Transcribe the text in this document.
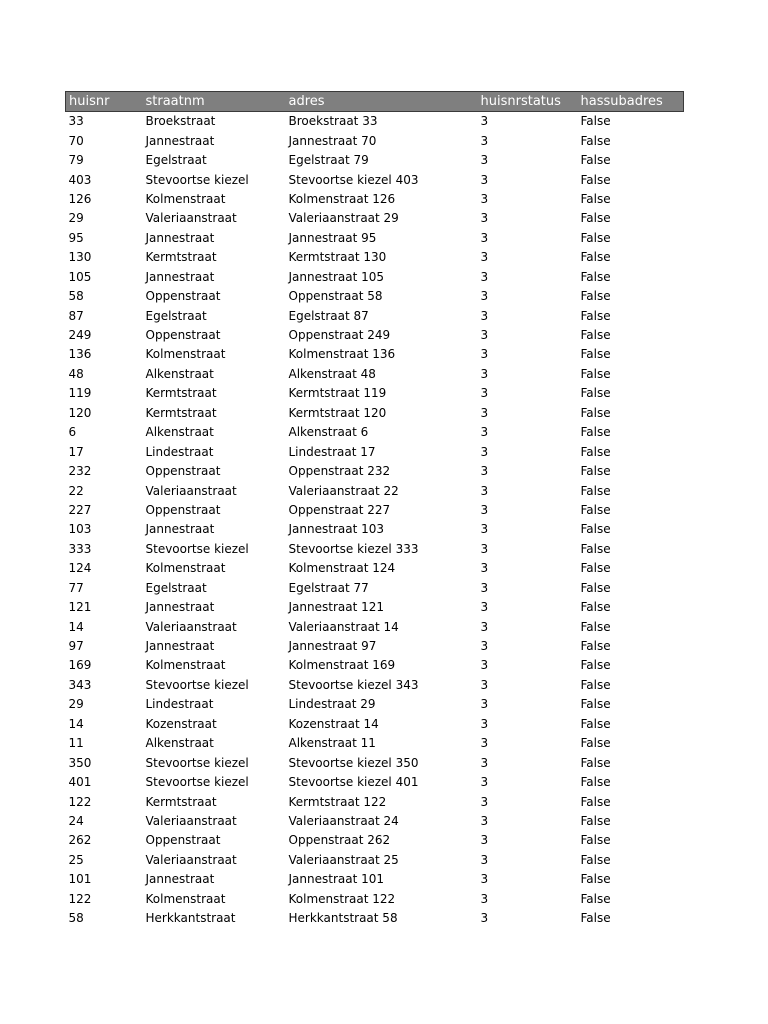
huisnr	straatnm	adres	huisnrstatus	hassubadres
33	Broekstraat	Broekstraat 33	3	False
70	Jannestraat	Jannestraat 70	3	False
79	Egelstraat	Egelstraat 79	3	False
403	Stevoortse kiezel	Stevoortse kiezel 403	3	False
126	Kolmenstraat	Kolmenstraat 126	3	False
29	Valeriaanstraat	Valeriaanstraat 29	3	False
95	Jannestraat	Jannestraat 95	3	False
130	Kermtstraat	Kermtstraat 130	3	False
105	Jannestraat	Jannestraat 105	3	False
58	Oppenstraat	Oppenstraat 58	3	False
87	Egelstraat	Egelstraat 87	3	False
249	Oppenstraat	Oppenstraat 249	3	False
136	Kolmenstraat	Kolmenstraat 136	3	False
48	Alkenstraat	Alkenstraat 48	3	False
119	Kermtstraat	Kermtstraat 119	3	False
120	Kermtstraat	Kermtstraat 120	3	False
6	Alkenstraat	Alkenstraat 6	3	False
17	Lindestraat	Lindestraat 17	3	False
232	Oppenstraat	Oppenstraat 232	3	False
22	Valeriaanstraat	Valeriaanstraat 22	3	False
227	Oppenstraat	Oppenstraat 227	3	False
103	Jannestraat	Jannestraat 103	3	False
333	Stevoortse kiezel	Stevoortse kiezel 333	3	False
124	Kolmenstraat	Kolmenstraat 124	3	False
77	Egelstraat	Egelstraat 77	3	False
121	Jannestraat	Jannestraat 121	3	False
14	Valeriaanstraat	Valeriaanstraat 14	3	False
97	Jannestraat	Jannestraat 97	3	False
169	Kolmenstraat	Kolmenstraat 169	3	False
343	Stevoortse kiezel	Stevoortse kiezel 343	3	False
29	Lindestraat	Lindestraat 29	3	False
14	Kozenstraat	Kozenstraat 14	3	False
11	Alkenstraat	Alkenstraat 11	3	False
350	Stevoortse kiezel	Stevoortse kiezel 350	3	False
401	Stevoortse kiezel	Stevoortse kiezel 401	3	False
122	Kermtstraat	Kermtstraat 122	3	False
24	Valeriaanstraat	Valeriaanstraat 24	3	False
262	Oppenstraat	Oppenstraat 262	3	False
25	Valeriaanstraat	Valeriaanstraat 25	3	False
101	Jannestraat	Jannestraat 101	3	False
122	Kolmenstraat	Kolmenstraat 122	3	False
58	Herkkantstraat	Herkkantstraat 58	3	False
